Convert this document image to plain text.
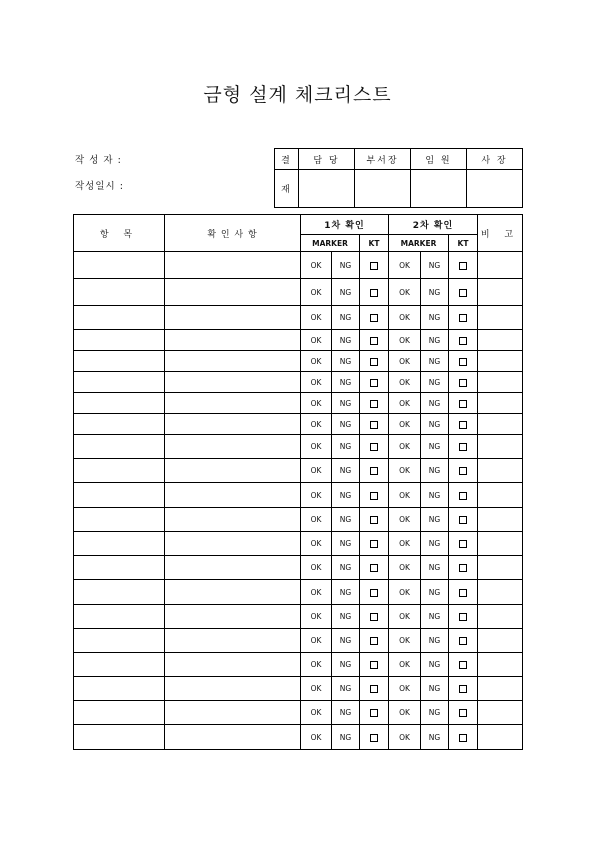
금형 설계 체크리스트
작 성 자 :
작성일시 :
결	담 당	부서장	임 원	사 장
재				
항 목	확 인 사 항	1차 확인			2차 확인			비 고
		MARKER		KT	MARKER		KT	
		OK	NG		OK	NG		
		OK	NG		OK	NG		
		OK	NG		OK	NG		
		OK	NG		OK	NG		
		OK	NG		OK	NG		
		OK	NG		OK	NG		
		OK	NG		OK	NG		
		OK	NG		OK	NG		
		OK	NG		OK	NG		
		OK	NG		OK	NG		
		OK	NG		OK	NG		
		OK	NG		OK	NG		
		OK	NG		OK	NG		
		OK	NG		OK	NG		
		OK	NG		OK	NG		
		OK	NG		OK	NG		
		OK	NG		OK	NG		
		OK	NG		OK	NG		
		OK	NG		OK	NG		
		OK	NG		OK	NG		
		OK	NG		OK	NG		
